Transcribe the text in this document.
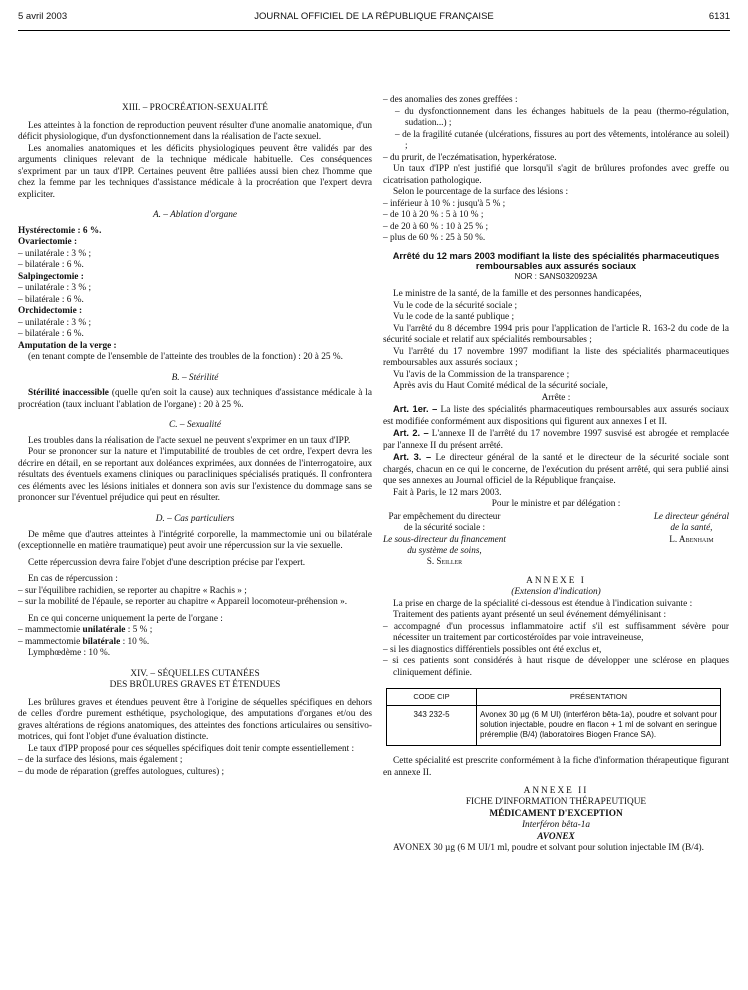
5 avril 2003	JOURNAL OFFICIEL DE LA RÉPUBLIQUE FRANÇAISE	6131
XIII. – PROCRÉATION-SEXUALITÉ

Les atteintes à la fonction de reproduction peuvent résulter d'une anomalie anatomique, d'un déficit physiologique, d'un dysfonctionnement dans la réalisation de l'acte sexuel.

Les anomalies anatomiques et les déficits physiologiques peuvent être validés par des arguments cliniques relevant de la technique médicale habituelle. Ces conséquences s'expriment par un taux d'IPP. Certaines peuvent être palliées aussi bien chez l'homme que chez la femme par les techniques d'assistance médicale à la procréation que l'expert devra expliciter.

A. – Ablation d'organe

Hystérectomie : 6 %.

Ovariectomie :

– unilatérale : 3 % ;

– bilatérale : 6 %.

Salpingectomie :

– unilatérale : 3 % ;

– bilatérale : 6 %.

Orchidectomie :

– unilatérale : 3 % ;

– bilatérale : 6 %.

Amputation de la verge :

(en tenant compte de l'ensemble de l'atteinte des troubles de la fonction) : 20 à 25 %.

B. – Stérilité

Stérilité inaccessible (quelle qu'en soit la cause) aux techniques d'assistance médicale à la procréation (taux incluant l'ablation de l'organe) : 20 à 25 %.

C. – Sexualité

Les troubles dans la réalisation de l'acte sexuel ne peuvent s'exprimer en un taux d'IPP.

Pour se prononcer sur la nature et l'imputabilité de troubles de cet ordre, l'expert devra les décrire en détail, en se reportant aux doléances exprimées, aux données de l'interrogatoire, aux résultats des éventuels examens cliniques ou paracliniques spécialisés pratiqués. Il confrontera ces éléments avec les lésions initiales et donnera son avis sur l'existence du dommage sans se prononcer sur l'éventuel préjudice qui peut en résulter.

D. – Cas particuliers

De même que d'autres atteintes à l'intégrité corporelle, la mammectomie uni ou bilatérale (exceptionnelle en matière traumatique) peut avoir une répercussion sur la vie sexuelle.

Cette répercussion devra faire l'objet d'une description précise par l'expert.

En cas de répercussion :

– sur l'équilibre rachidien, se reporter au chapitre « Rachis » ;

– sur la mobilité de l'épaule, se reporter au chapitre « Appareil locomoteur-préhension ».

En ce qui concerne uniquement la perte de l'organe :

– mammectomie unilatérale : 5 % ;

– mammectomie bilatérale : 10 %.

Lymphœdème : 10 %.

XIV. – SÉQUELLES CUTANÉES
DES BRÛLURES GRAVES ET ÉTENDUES

Les brûlures graves et étendues peuvent être à l'origine de séquelles spécifiques en dehors de celles d'ordre purement esthétique, psychologique, des amputations d'organes et/ou des graves altérations de régions anatomiques, des atteintes des fonctions articulaires ou sensitivo-motrices, qui font l'objet d'une évaluation distincte.

Le taux d'IPP proposé pour ces séquelles spécifiques doit tenir compte essentiellement :

– de la surface des lésions, mais également ;

– du mode de réparation (greffes autologues, cultures) ;

– des anomalies des zones greffées :

– du dysfonctionnement dans les échanges habituels de la peau (thermo-régulation, sudation...) ;

– de la fragilité cutanée (ulcérations, fissures au port des vêtements, intolérance au soleil) ;

– du prurit, de l'eczématisation, hyperkératose.

Un taux d'IPP n'est justifié que lorsqu'il s'agit de brûlures profondes avec greffe ou cicatrisation pathologique.

Selon le pourcentage de la surface des lésions :

– inférieur à 10 % : jusqu'à 5 % ;

– de 10 à 20 % : 5 à 10 % ;

– de 20 à 60 % : 10 à 25 % ;

– plus de 60 % : 25 à 50 %.

Arrêté du 12 mars 2003 modifiant la liste des spécialités pharmaceutiques remboursables aux assurés sociaux
NOR : SANS0320923A

Le ministre de la santé, de la famille et des personnes handicapées,

Vu le code de la sécurité sociale ;

Vu le code de la santé publique ;

Vu l'arrêté du 8 décembre 1994 pris pour l'application de l'article R. 163-2 du code de la sécurité sociale et relatif aux spécialités remboursables ;

Vu l'arrêté du 17 novembre 1997 modifiant la liste des spécialités pharmaceutiques remboursables aux assurés sociaux ;

Vu l'avis de la Commission de la transparence ;

Après avis du Haut Comité médical de la sécurité sociale,

Arrête :

Art. 1er. – La liste des spécialités pharmaceutiques remboursables aux assurés sociaux est modifiée conformément aux dispositions qui figurent aux annexes I et II.

Art. 2. – L'annexe II de l'arrêté du 17 novembre 1997 susvisé est abrogée et remplacée par l'annexe II du présent arrêté.

Art. 3. – Le directeur général de la santé et le directeur de la sécurité sociale sont chargés, chacun en ce qui le concerne, de l'exécution du présent arrêté, qui sera publié ainsi que ses annexes au Journal officiel de la République française.

Fait à Paris, le 12 mars 2003.

Pour le ministre et par délégation :

Par empêchement du directeur
de la sécurité sociale :
Le sous-directeur du financement
du système de soins,
S. Seiller
Le directeur général
de la santé,
L. Abenhaim
ANNEXE I
(Extension d'indication)

La prise en charge de la spécialité ci-dessous est étendue à l'indication suivante :

Traitement des patients ayant présenté un seul événement démyélinisant :

– accompagné d'un processus inflammatoire actif s'il est suffisamment sévère pour nécessiter un traitement par corticostéroïdes par voie intraveineuse,

– si les diagnostics différentiels possibles ont été exclus et,

– si ces patients sont considérés à haut risque de développer une sclérose en plaques cliniquement définie.

CODE CIP	PRÉSENTATION
343 232-5	Avonex 30 µg (6 M UI) (interféron bêta-1a), poudre et solvant pour solution injectable, poudre en flacon + 1 ml de solvant en seringue préremplie (B/4) (laboratoires Biogen France SA).

Cette spécialité est prescrite conformément à la fiche d'information thérapeutique figurant en annexe II.

ANNEXE II
FICHE D'INFORMATION THÉRAPEUTIQUE
MÉDICAMENT D'EXCEPTION
Interféron bêta-1a
AVONEX

AVONEX 30 µg (6 M UI/1 ml, poudre et solvant pour solution injectable IM (B/4).
